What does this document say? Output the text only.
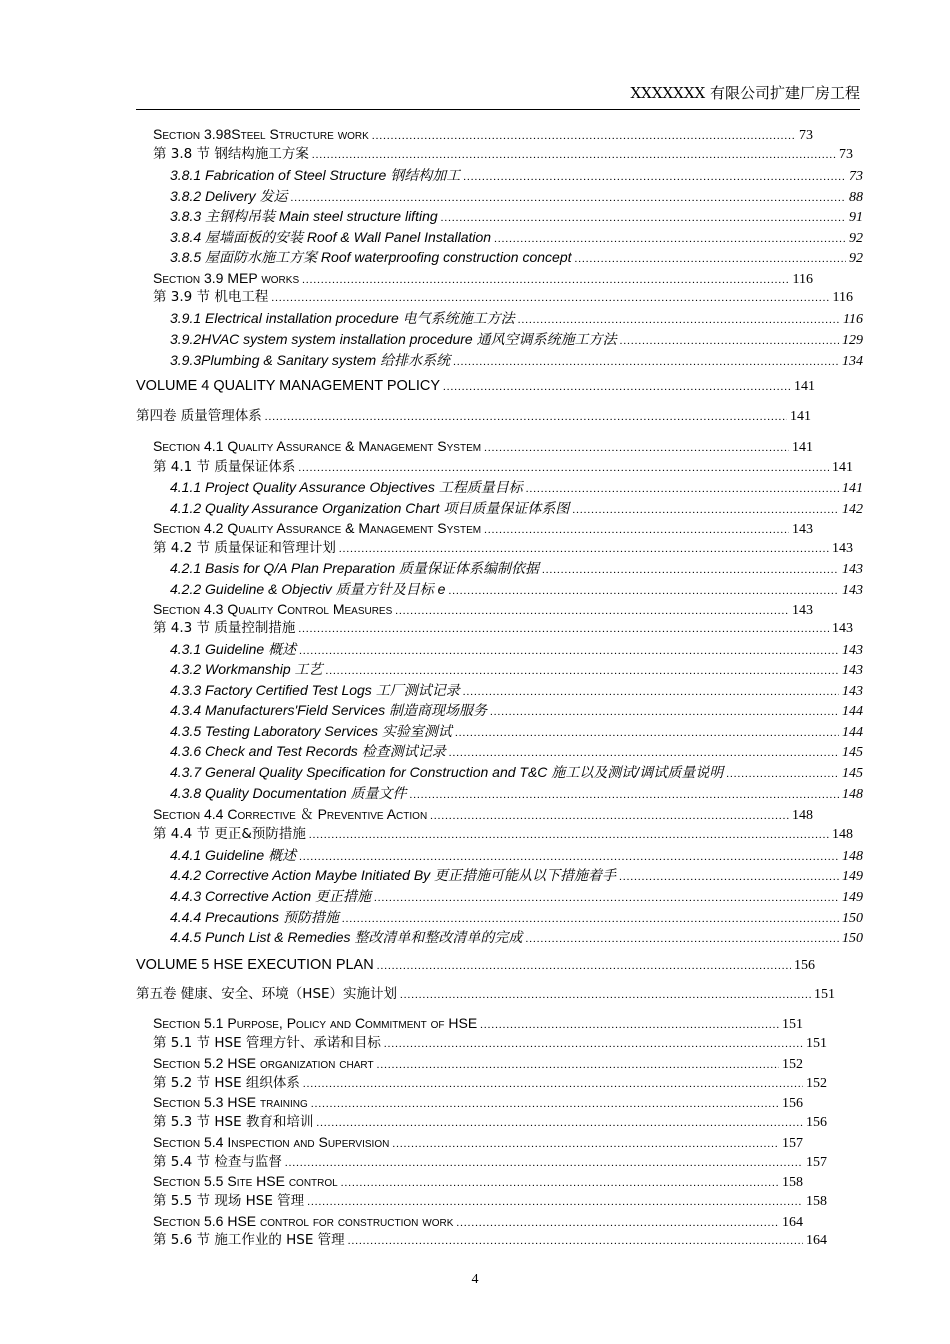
XXXXXXX 有限公司扩建厂房工程
Section 3.98Steel Structure work .....	73
第 3.8 节 钢结构施工方案 .....	73
3.8.1 Fabrication of Steel Structure 钢结构加工 .....	73
3.8.2 Delivery 发运 .....	88
3.8.3 主钢构吊装 Main steel structure lifting .....	91
3.8.4 屋墙面板的安装 Roof & Wall Panel Installation .....	92
3.8.5 屋面防水施工方案 Roof waterproofing construction concept .....	92
Section 3.9 MEP works .....	116
第 3.9 节 机电工程 .....	116
3.9.1 Electrical installation procedure 电气系统施工方法 .....	116
3.9.2HVAC system system installation procedure 通风空调系统施工方法 .....	129
3.9.3Plumbing & Sanitary system 给排水系统 .....	134
VOLUME 4 QUALITY MANAGEMENT POLICY .....	141
第四卷 质量管理体系 .....	141
Section 4.1 Quality Assurance & Management System .....	141
第 4.1 节 质量保证体系 .....	141
4.1.1 Project Quality Assurance Objectives 工程质量目标 .....	141
4.1.2 Quality Assurance Organization Chart 项目质量保证体系图 .....	142
Section 4.2 Quality Assurance & Management System .....	143
第 4.2 节 质量保证和管理计划 .....	143
4.2.1 Basis for Q/A Plan Preparation 质量保证体系编制依据 .....	143
4.2.2 Guideline & Objectiv 质量方针及目标 e .....	143
Section 4.3 Quality Control Measures .....	143
第 4.3 节 质量控制措施 .....	143
4.3.1 Guideline 概述 .....	143
4.3.2 Workmanship 工艺 .....	143
4.3.3 Factory Certified Test Logs 工厂测试记录 .....	143
4.3.4 Manufacturers'Field Services 制造商现场服务 .....	144
4.3.5 Testing Laboratory Services 实验室测试 .....	144
4.3.6 Check and Test Records 检查测试记录 .....	145
4.3.7 General Quality Specification for Construction and T&C 施工以及测试/调试质量说明 .....	145
4.3.8 Quality Documentation 质量文件 .....	148
Section 4.4 Corrective ＆ Preventive Action .....	148
第 4.4 节 更正&预防措施 .....	148
4.4.1 Guideline 概述 .....	148
4.4.2 Corrective Action Maybe Initiated By 更正措施可能从以下措施着手 .....	149
4.4.3 Corrective Action 更正措施 .....	149
4.4.4 Precautions 预防措施 .....	150
4.4.5 Punch List & Remedies 整改清单和整改清单的完成 .....	150
VOLUME 5 HSE EXECUTION PLAN .....	156
第五卷 健康、安全、环境（HSE）实施计划 .....	151
Section 5.1 Purpose, Policy and Commitment of HSE .....	151
第 5.1 节 HSE 管理方针、承诺和目标 .....	151
Section 5.2 HSE organization chart .....	152
第 5.2 节 HSE 组织体系 .....	152
Section 5.3 HSE training .....	156
第 5.3 节 HSE 教育和培训 .....	156
Section 5.4 Inspection and Supervision .....	157
第 5.4 节 检查与监督 .....	157
Section 5.5 Site HSE control .....	158
第 5.5 节 现场 HSE 管理 .....	158
Section 5.6 HSE control for construction work .....	164
第 5.6 节 施工作业的 HSE 管理 .....	164
4
